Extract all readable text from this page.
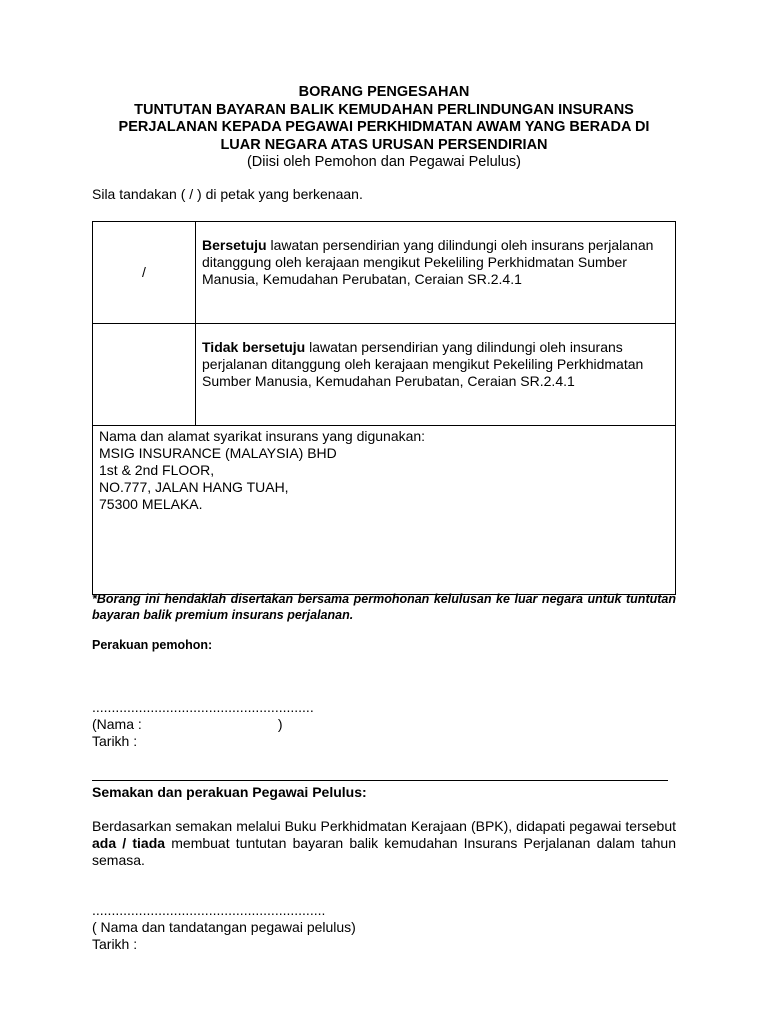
BORANG PENGESAHAN
TUNTUTAN BAYARAN BALIK KEMUDAHAN PERLINDUNGAN INSURANS
PERJALANAN KEPADA PEGAWAI PERKHIDMATAN AWAM YANG BERADA DI
LUAR NEGARA ATAS URUSAN PERSENDIRIAN
(Diisi oleh Pemohon dan Pegawai Pelulus)
Sila tandakan ( / ) di petak yang berkenaan.
/	Bersetuju lawatan persendirian yang dilindungi oleh insurans perjalanan ditanggung oleh kerajaan mengikut Pekeliling Perkhidmatan Sumber Manusia, Kemudahan Perubatan, Ceraian SR.2.4.1
	Tidak bersetuju lawatan persendirian yang dilindungi oleh insurans perjalanan ditanggung oleh kerajaan mengikut Pekeliling Perkhidmatan Sumber Manusia, Kemudahan Perubatan, Ceraian SR.2.4.1

Nama dan alamat syarikat insurans yang digunakan:
MSIG INSURANCE (MALAYSIA) BHD
1st & 2nd FLOOR,
NO.777, JALAN HANG TUAH,
75300 MELAKA.	
*Borang ini hendaklah disertakan bersama permohonan kelulusan ke luar negara untuk tuntutan bayaran balik premium insurans perjalanan.
Perakuan pemohon:
.........................................................
(Nama :                                   )
Tarikh :
Semakan dan perakuan Pegawai Pelulus:
Berdasarkan semakan melalui Buku Perkhidmatan Kerajaan (BPK), didapati pegawai tersebut ada / tiada membuat tuntutan bayaran balik kemudahan Insurans Perjalanan dalam tahun semasa.
............................................................
( Nama dan tandatangan pegawai pelulus)
Tarikh :
